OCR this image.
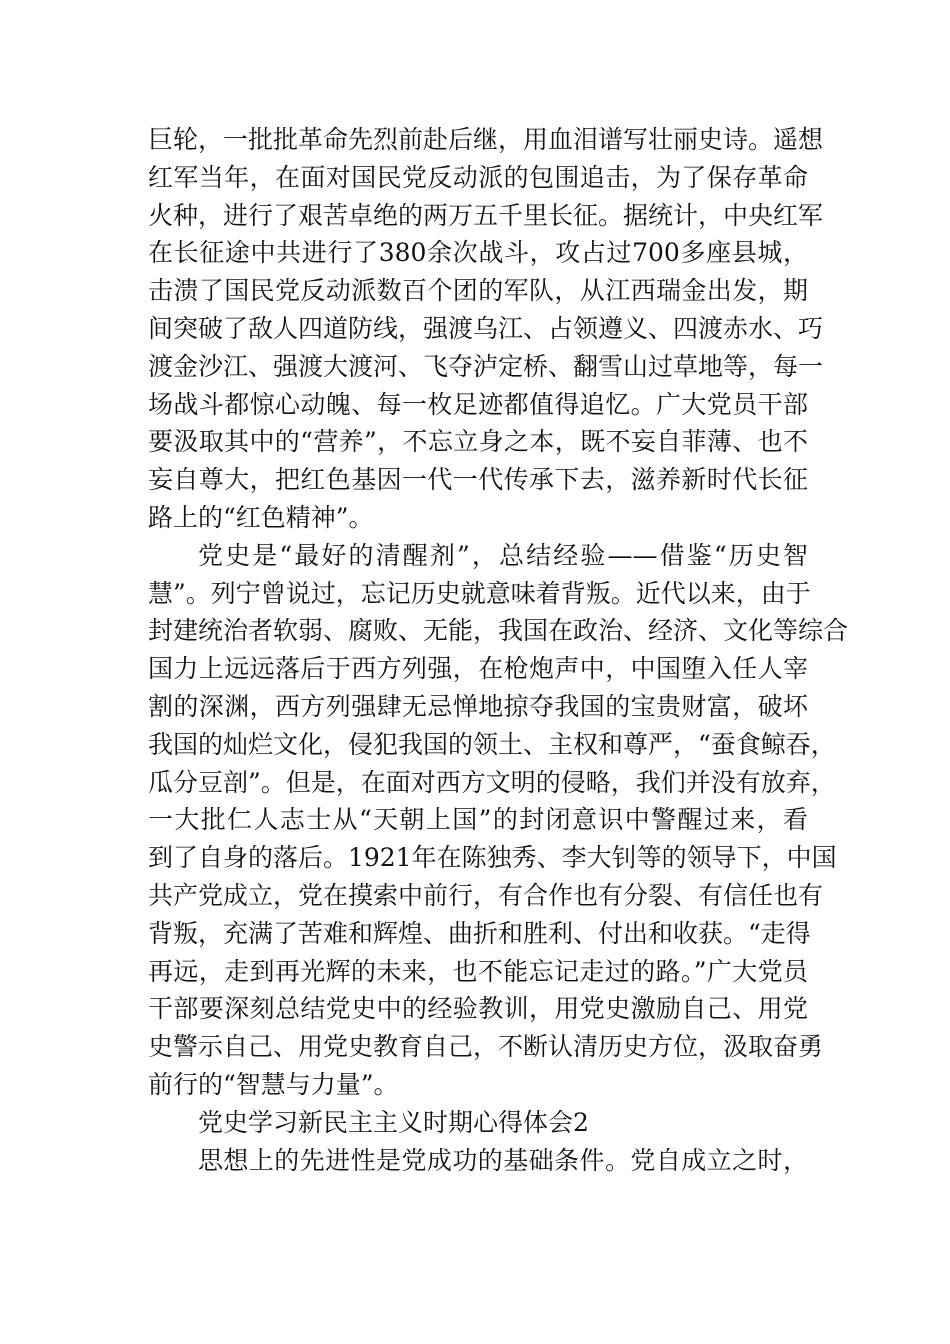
巨轮，一批批革命先烈前赴后继，用血泪谱写壮丽史诗。遥想
红军当年，在面对国民党反动派的包围追击，为了保存革命
火种，进行了艰苦卓绝的两万五千里长征。据统计，中央红军
在长征途中共进行了380余次战斗，攻占过700多座县城，
击溃了国民党反动派数百个团的军队，从江西瑞金出发，期
间突破了敌人四道防线，强渡乌江、占领遵义、四渡赤水、巧
渡金沙江、强渡大渡河、飞夺泸定桥、翻雪山过草地等，每一
场战斗都惊心动魄、每一枚足迹都值得追忆。广大党员干部
要汲取其中的“营养”，不忘立身之本，既不妄自菲薄、也不
妄自尊大，把红色基因一代一代传承下去，滋养新时代长征
路上的“红色精神”。
党史是“最好的清醒剂”，总结经验——借鉴“历史智
慧”。列宁曾说过，忘记历史就意味着背叛。近代以来，由于
封建统治者软弱、腐败、无能，我国在政治、经济、文化等综合
国力上远远落后于西方列强，在枪炮声中，中国堕入任人宰
割的深渊，西方列强肆无忌惮地掠夺我国的宝贵财富，破坏
我国的灿烂文化，侵犯我国的领土、主权和尊严，“蚕食鲸吞，
瓜分豆剖”。但是，在面对西方文明的侵略，我们并没有放弃，
一大批仁人志士从“天朝上国”的封闭意识中警醒过来，看
到了自身的落后。1921年在陈独秀、李大钊等的领导下，中国
共产党成立，党在摸索中前行，有合作也有分裂、有信任也有
背叛，充满了苦难和辉煌、曲折和胜利、付出和收获。“走得
再远，走到再光辉的未来，也不能忘记走过的路。”广大党员
干部要深刻总结党史中的经验教训，用党史激励自己、用党
史警示自己、用党史教育自己，不断认清历史方位，汲取奋勇
前行的“智慧与力量”。
党史学习新民主主义时期心得体会2
思想上的先进性是党成功的基础条件。党自成立之时，
